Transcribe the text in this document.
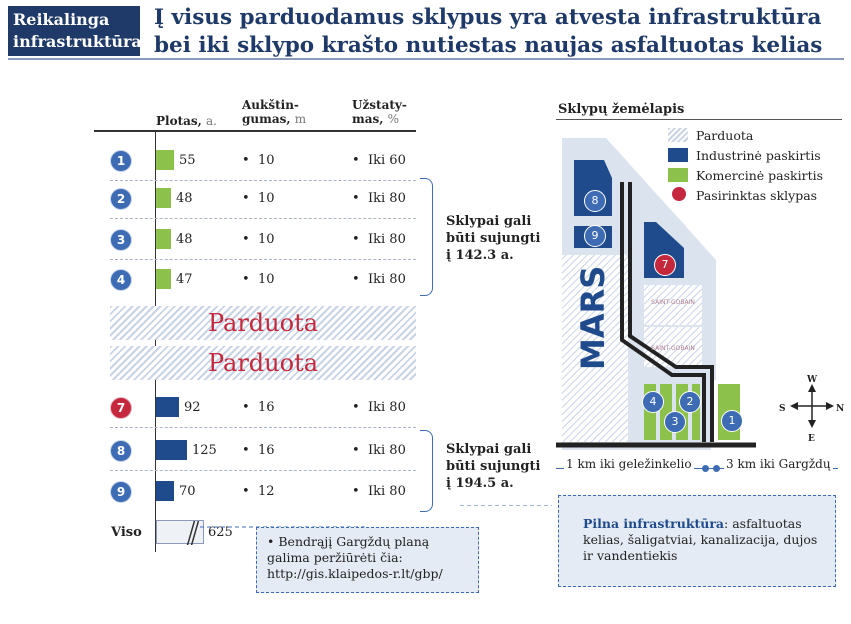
Reikalinga infrastruktūra
Į visus parduodamus sklypus yra atvesta infrastruktūra bei iki sklypo kraštо nutiestas naujas asfaltuotas kelias
Plotas, a.
Aukštin-
gumas, m
Užstaty-
mas, %
1	55	• 10	• Iki 60
2	48	• 10	• Iki 80
3	48	• 10	• Iki 80
4	47	• 10	• Iki 80
7	92	• 16	• Iki 80
8	125 • 16	• Iki 80
9	70	• 12	• Iki 80
Parduota
Parduota
Viso	625
Sklypai gali būti sujungti į 142.3 a.
Sklypai gali būti sujungti į 194.5 a.
• Bendrąjį Gargždų planą galima peržiūrėti čia: http://gis.klaipedos-r.lt/gbp/
Pilna infrastruktūra: asfaltuotas kelias, šaligatviai, kanalizacija, dujos ir vandentiekis
Sklypų žemėlapis
MARS	SAINT-GOBAIN
SAINT-GOBAIN
8
9
7
4	2
3	1
Parduota
Industrinė paskirtis
Komercinė paskirtis
Pasirinktas sklypas
W
E
S	N
1 km iki geležinkelio	3 km iki Gargždų
